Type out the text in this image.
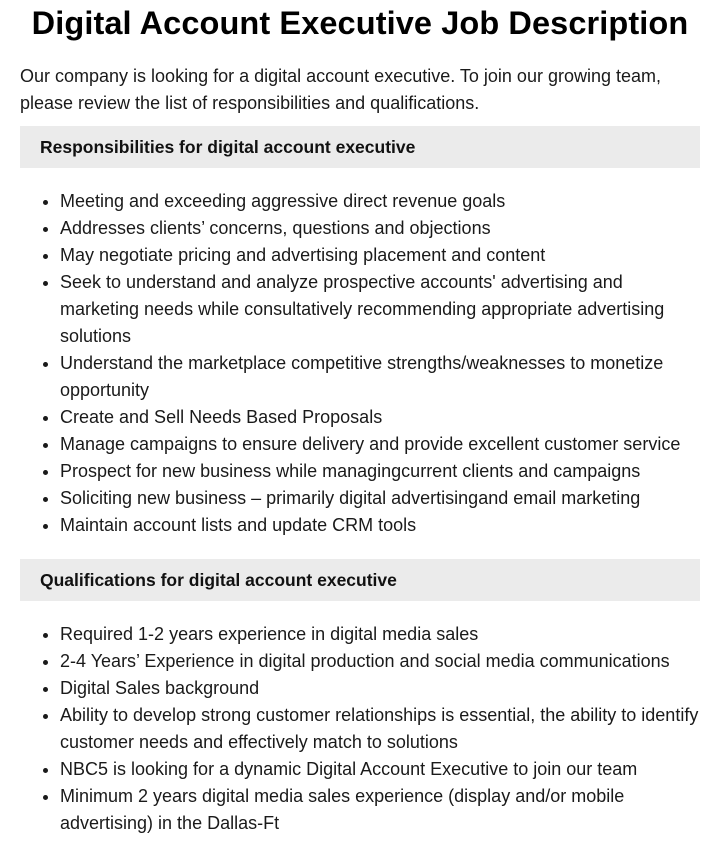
Digital Account Executive Job Description

Our company is looking for a digital account executive. To join our growing team, please review the list of responsibilities and qualifications.

Responsibilities for digital account executive
• Meeting and exceeding aggressive direct revenue goals
• Addresses clients’ concerns, questions and objections
• May negotiate pricing and advertising placement and content
• Seek to understand and analyze prospective accounts' advertising and marketing needs while consultatively recommending appropriate advertising solutions
• Understand the marketplace competitive strengths/weaknesses to monetize opportunity
• Create and Sell Needs Based Proposals
• Manage campaigns to ensure delivery and provide excellent customer service
• Prospect for new business while managingcurrent clients and campaigns
• Soliciting new business – primarily digital advertisingand email marketing
• Maintain account lists and update CRM tools
Qualifications for digital account executive
• Required 1-2 years experience in digital media sales
• 2-4 Years’ Experience in digital production and social media communications
• Digital Sales background
• Ability to develop strong customer relationships is essential, the ability to identify customer needs and effectively match to solutions
• NBC5 is looking for a dynamic Digital Account Executive to join our team
• Minimum 2 years digital media sales experience (display and/or mobile advertising) in the Dallas-Ft
